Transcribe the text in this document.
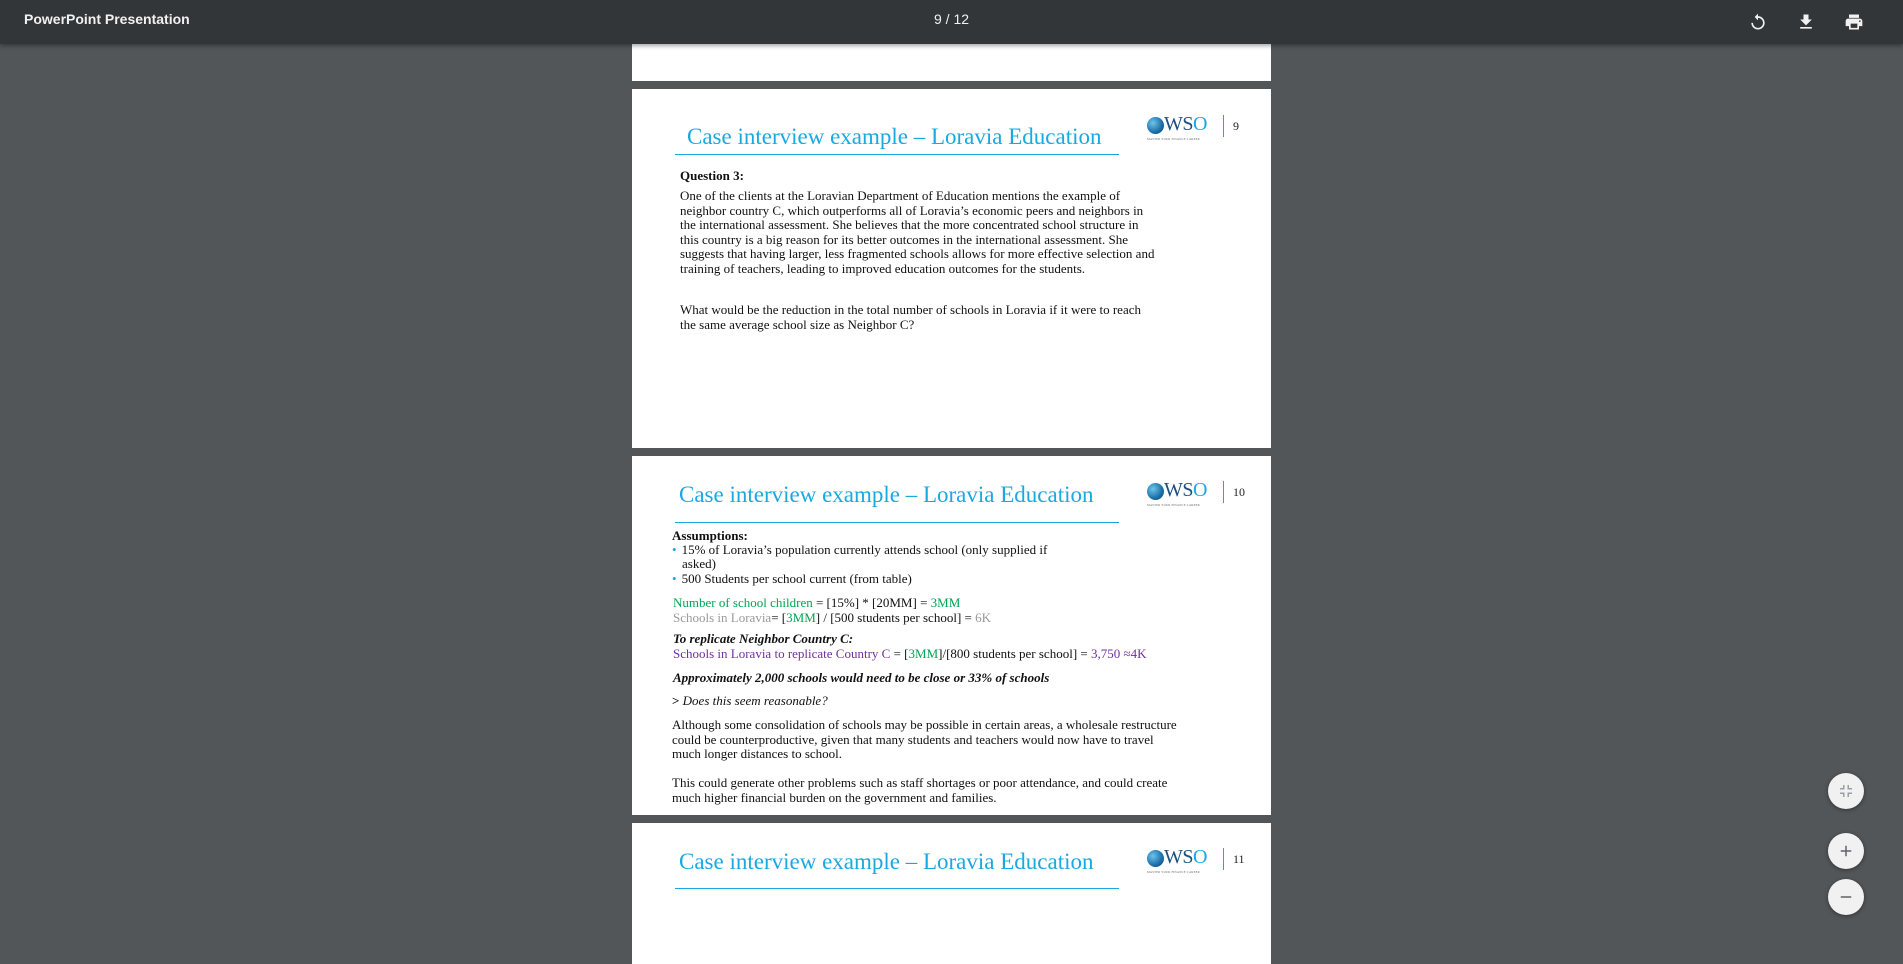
PowerPoint Presentation	9 / 12
Case interview example – Loravia Education	WSO
MASTER YOUR FINANCE CAREER
9
Question 3:
One of the clients at the Loravian Department of Education mentions the example of
neighbor country C, which outperforms all of Loravia’s economic peers and neighbors in
the international assessment. She believes that the more concentrated school structure in
this country is a big reason for its better outcomes in the international assessment. She
suggests that having larger, less fragmented schools allows for more effective selection and
training of teachers, leading to improved education outcomes for the students.
What would be the reduction in the total number of schools in Loravia if it were to reach
the same average school size as Neighbor C?
Case interview example – Loravia Education	WSO
MASTER YOUR FINANCE CAREER
10
Assumptions:
• 15% of Loravia’s population currently attends school (only supplied if
asked)
• 500 Students per school current (from table)
Number of school children = [15%] * [20MM] = 3MM
Schools in Loravia= [3MM] / [500 students per school] = 6K
To replicate Neighbor Country C:
Schools in Loravia to replicate Country C = [3MM]/[800 students per school] = 3,750 ≈4K
Approximately 2,000 schools would need to be close or 33% of schools
> Does this seem reasonable?
Although some consolidation of schools may be possible in certain areas, a wholesale restructure
could be counterproductive, given that many students and teachers would now have to travel
much longer distances to school.
This could generate other problems such as staff shortages or poor attendance, and could create
much higher financial burden on the government and families.
Case interview example – Loravia Education	WSO
MASTER YOUR FINANCE CAREER
11
